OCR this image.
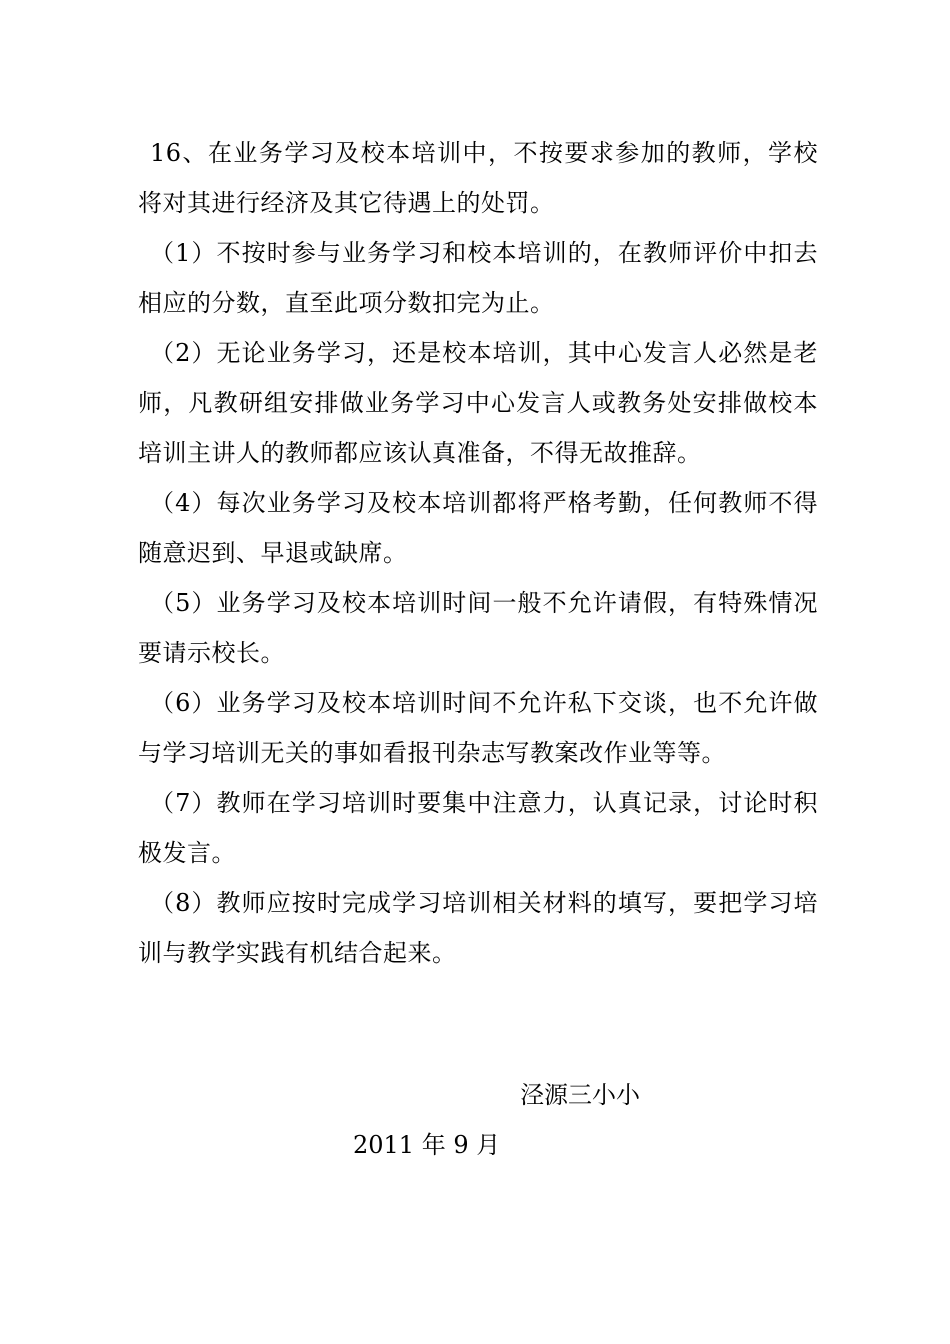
16、在业务学习及校本培训中，不按要求参加的教师，学校将对其进行经济及其它待遇上的处罚。

（1）不按时参与业务学习和校本培训的，在教师评价中扣去相应的分数，直至此项分数扣完为止。

（2）无论业务学习，还是校本培训，其中心发言人必然是老师，凡教研组安排做业务学习中心发言人或教务处安排做校本培训主讲人的教师都应该认真准备，不得无故推辞。

（4）每次业务学习及校本培训都将严格考勤，任何教师不得随意迟到、早退或缺席。

（5）业务学习及校本培训时间一般不允许请假，有特殊情况要请示校长。

（6）业务学习及校本培训时间不允许私下交谈，也不允许做与学习培训无关的事如看报刊杂志写教案改作业等等。

（7）教师在学习培训时要集中注意力，认真记录，讨论时积极发言。

（8）教师应按时完成学习培训相关材料的填写，要把学习培训与教学实践有机结合起来。

泾源三小小

2011 年 9 月
